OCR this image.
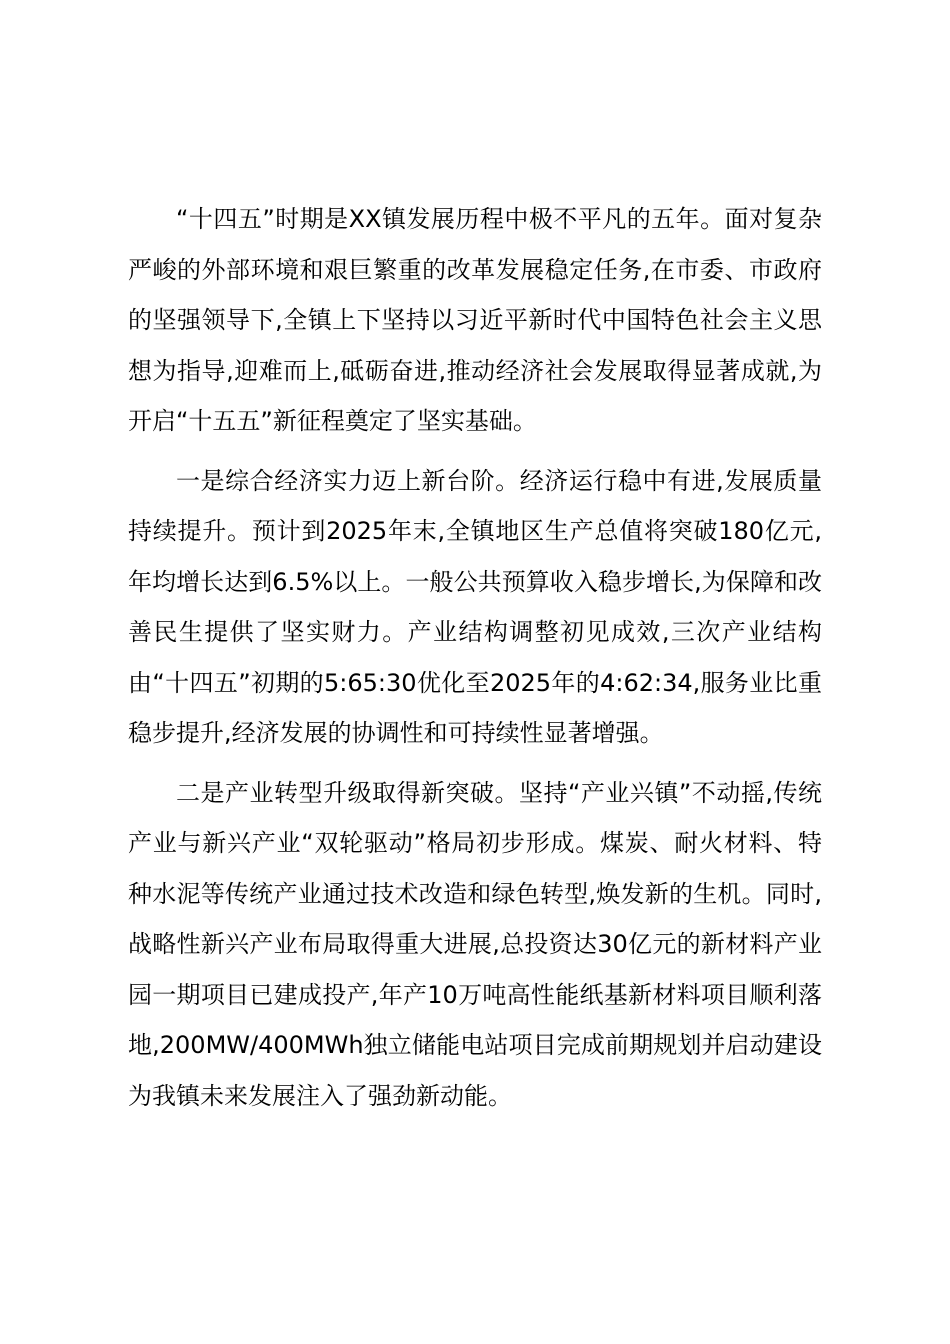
“十四五”时期是XX镇发展历程中极不平凡的五年。面对复杂严峻的外部环境和艰巨繁重的改革发展稳定任务,在市委、市政府的坚强领导下,全镇上下坚持以习近平新时代中国特色社会主义思想为指导,迎难而上,砥砺奋进,推动经济社会发展取得显著成就,为开启“十五五”新征程奠定了坚实基础。

一是综合经济实力迈上新台阶。经济运行稳中有进,发展质量持续提升。预计到2025年末,全镇地区生产总值将突破180亿元,年均增长达到6.5%以上。一般公共预算收入稳步增长,为保障和改善民生提供了坚实财力。产业结构调整初见成效,三次产业结构由“十四五”初期的5:65:30优化至2025年的4:62:34,服务业比重稳步提升,经济发展的协调性和可持续性显著增强。

二是产业转型升级取得新突破。坚持“产业兴镇”不动摇,传统产业与新兴产业“双轮驱动”格局初步形成。煤炭、耐火材料、特种水泥等传统产业通过技术改造和绿色转型,焕发新的生机。同时,战略性新兴产业布局取得重大进展,总投资达30亿元的新材料产业园一期项目已建成投产,年产10万吨高性能纸基新材料项目顺利落地,200MW/400MWh独立储能电站项目完成前期规划并启动建设为我镇未来发展注入了强劲新动能。
